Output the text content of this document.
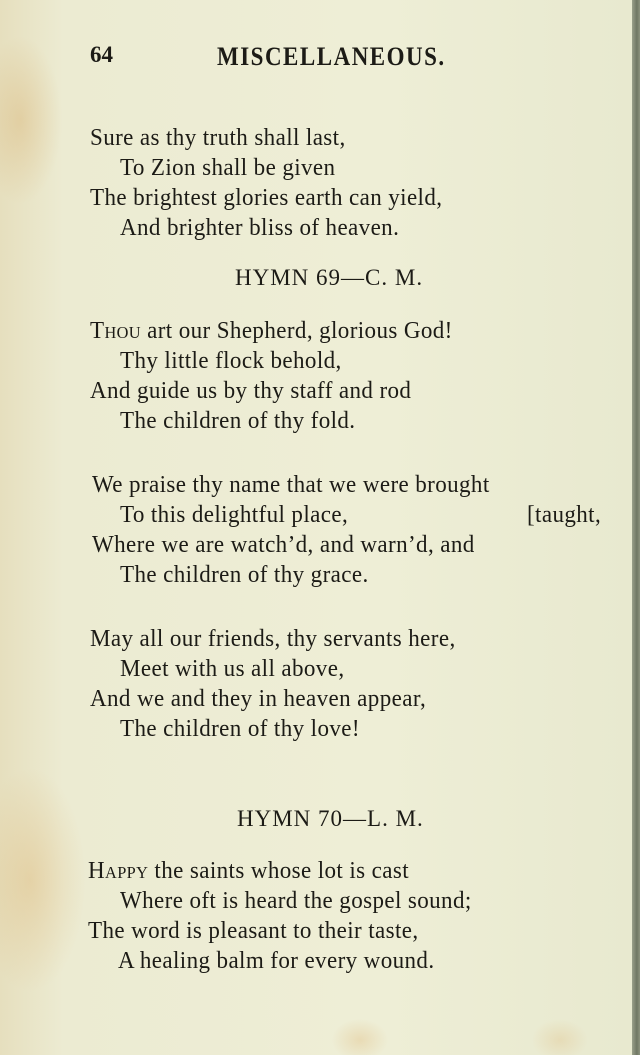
64	MISCELLANEOUS.
Sure as thy truth shall last,
To Zion shall be given
The brightest glories earth can yield,
And brighter bliss of heaven.
HYMN 69—C. M.
Thou art our Shepherd, glorious God!
Thy little flock behold,
And guide us by thy staff and rod
The children of thy fold.
We praise thy name that we were brought
To this delightful place,	[taught,
Where we are watch’d, and warn’d, and
The children of thy grace.
May all our friends, thy servants here,
Meet with us all above,
And we and they in heaven appear,
The children of thy love!
HYMN 70—L. M.
Happy the saints whose lot is cast
Where oft is heard the gospel sound;
The word is pleasant to their taste,
A healing balm for every wound.
